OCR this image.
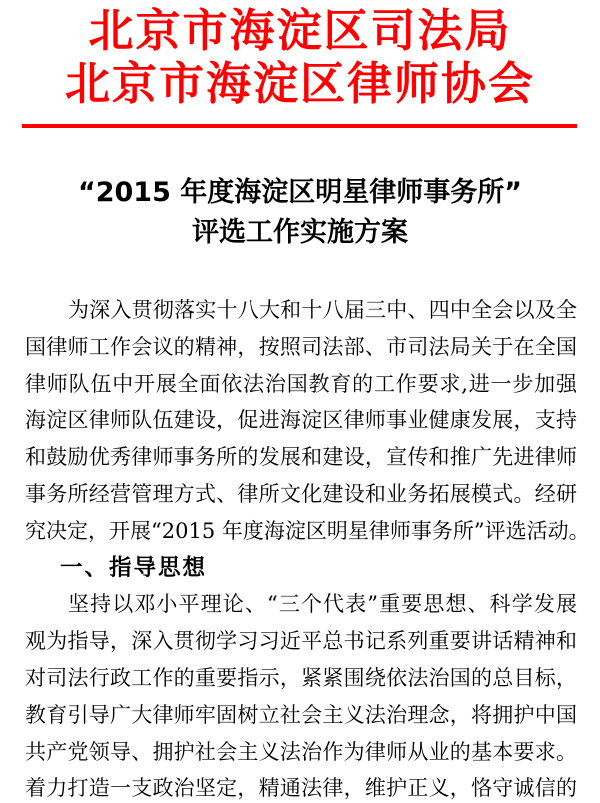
北京市海淀区司法局
北京市海淀区律师协会
“2015 年度海淀区明星律师事务所”
评选工作实施方案
为深入贯彻落实十八大和十八届三中、四中全会以及全
国律师工作会议的精神，按照司法部、市司法局关于在全国
律师队伍中开展全面依法治国教育的工作要求,进一步加强
海淀区律师队伍建设，促进海淀区律师事业健康发展，支持
和鼓励优秀律师事务所的发展和建设，宣传和推广先进律师
事务所经营管理方式、律所文化建设和业务拓展模式。经研
究决定，开展“2015 年度海淀区明星律师事务所”评选活动。
一、指导思想
坚持以邓小平理论、“三个代表”重要思想、科学发展
观为指导，深入贯彻学习习近平总书记系列重要讲话精神和
对司法行政工作的重要指示，紧紧围绕依法治国的总目标，
教育引导广大律师牢固树立社会主义法治理念，将拥护中国
共产党领导、拥护社会主义法治作为律师从业的基本要求。
着力打造一支政治坚定，精通法律，维护正义，恪守诚信的
